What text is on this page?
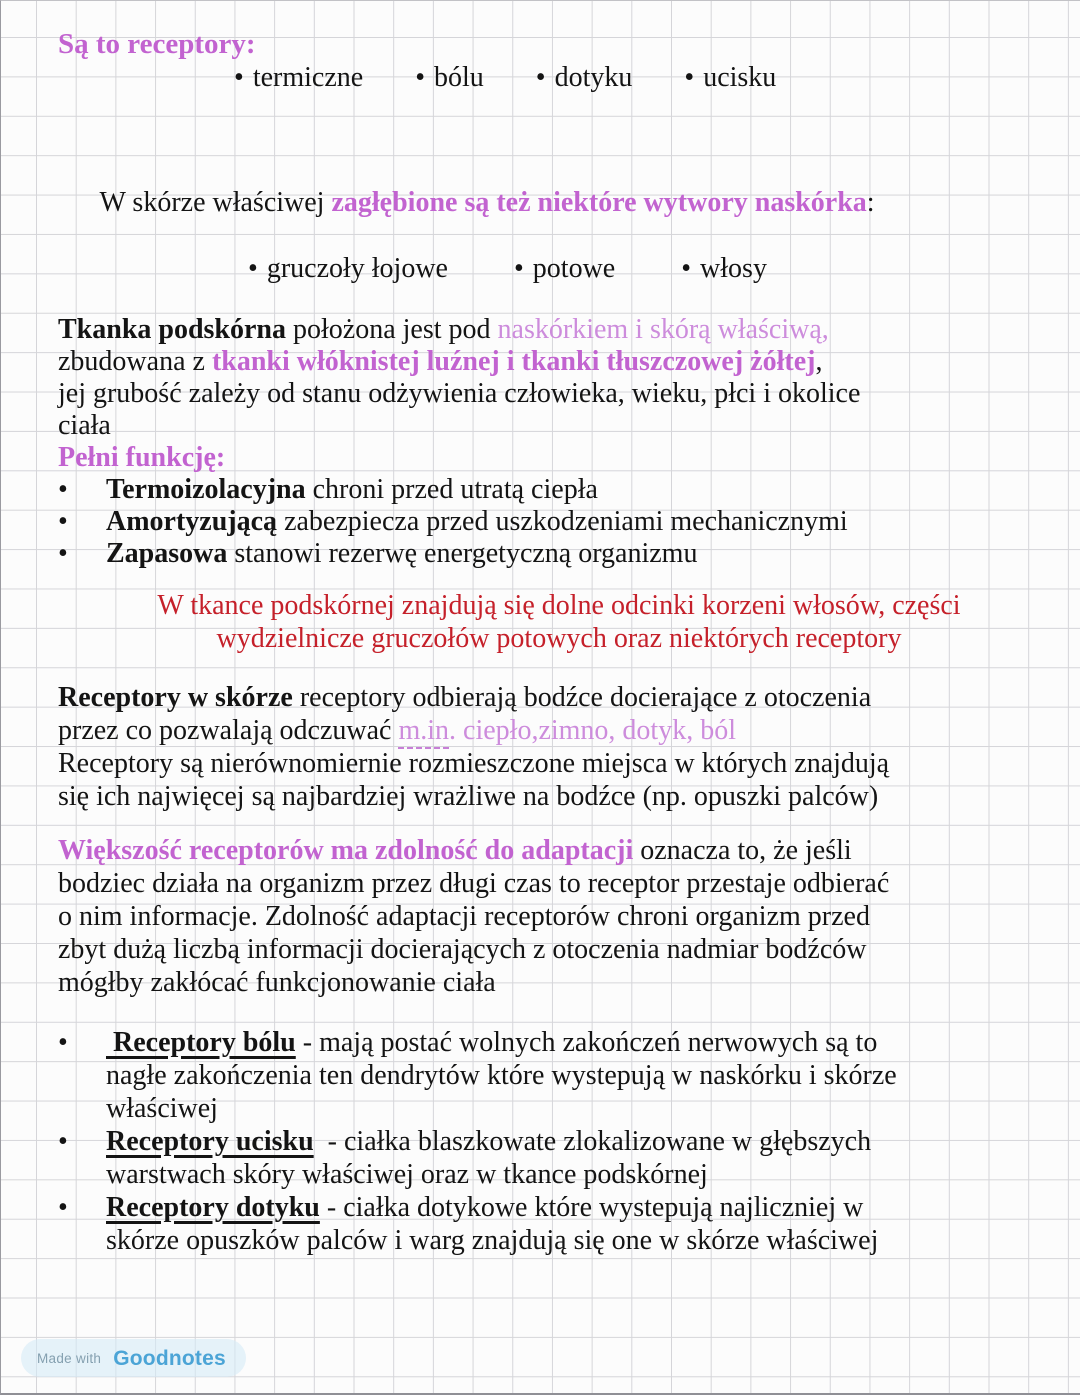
Są to receptory:
• termiczne • bólu • dotyku • ucisku

W skórze właściwej zagłębione są też niektóre wytwory naskórka:

• gruczoły łojowe • potowe • włosy
Tkanka podskórna położona jest pod naskórkiem i skórą właściwą,
zbudowana z tkanki włóknistej luźnej i tkanki tłuszczowej żółtej,
jej grubość zależy od stanu odżywienia człowieka, wieku, płci i okolice
ciała
Pełni funkcję:
•	Termoizolacyjna chroni przed utratą ciepła
•	Amortyzującą zabezpiecza przed uszkodzeniami mechanicznymi
•	Zapasowa stanowi rezerwę energetyczną organizmu
W tkance podskórnej znajdują się dolne odcinki korzeni włosów, części
wydzielnicze gruczołów potowych oraz niektórych receptory
Receptory w skórze receptory odbierają bodźce docierające z otoczenia
przez co pozwalają odczuwać m.in. ciepło,zimno, dotyk, ból
Receptory są nierównomiernie rozmieszczone miejsca w których znajdują
się ich najwięcej są najbardziej wrażliwe na bodźce (np. opuszki palców)
Większość receptorów ma zdolność do adaptacji oznacza to, że jeśli
bodziec działa na organizm przez długi czas to receptor przestaje odbierać
o nim informacje. Zdolność adaptacji receptorów chroni organizm przed
zbyt dużą liczbą informacji docierających z otoczenia nadmiar bodźców
mógłby zakłócać funkcjonowanie ciała
•	Receptory bólu - mają postać wolnych zakończeń nerwowych są to
nagłe zakończenia ten dendrytów które wystepują w naskórku i skórze
właściwej
•	Receptory ucisku  - ciałka blaszkowate zlokalizowane w głębszych
warstwach skóry właściwej oraz w tkance podskórnej
•	Receptory dotyku - ciałka dotykowe które wystepują najliczniej w
skórze opuszków palców i warg znajdują się one w skórze właściwej
Made with Goodnotes
